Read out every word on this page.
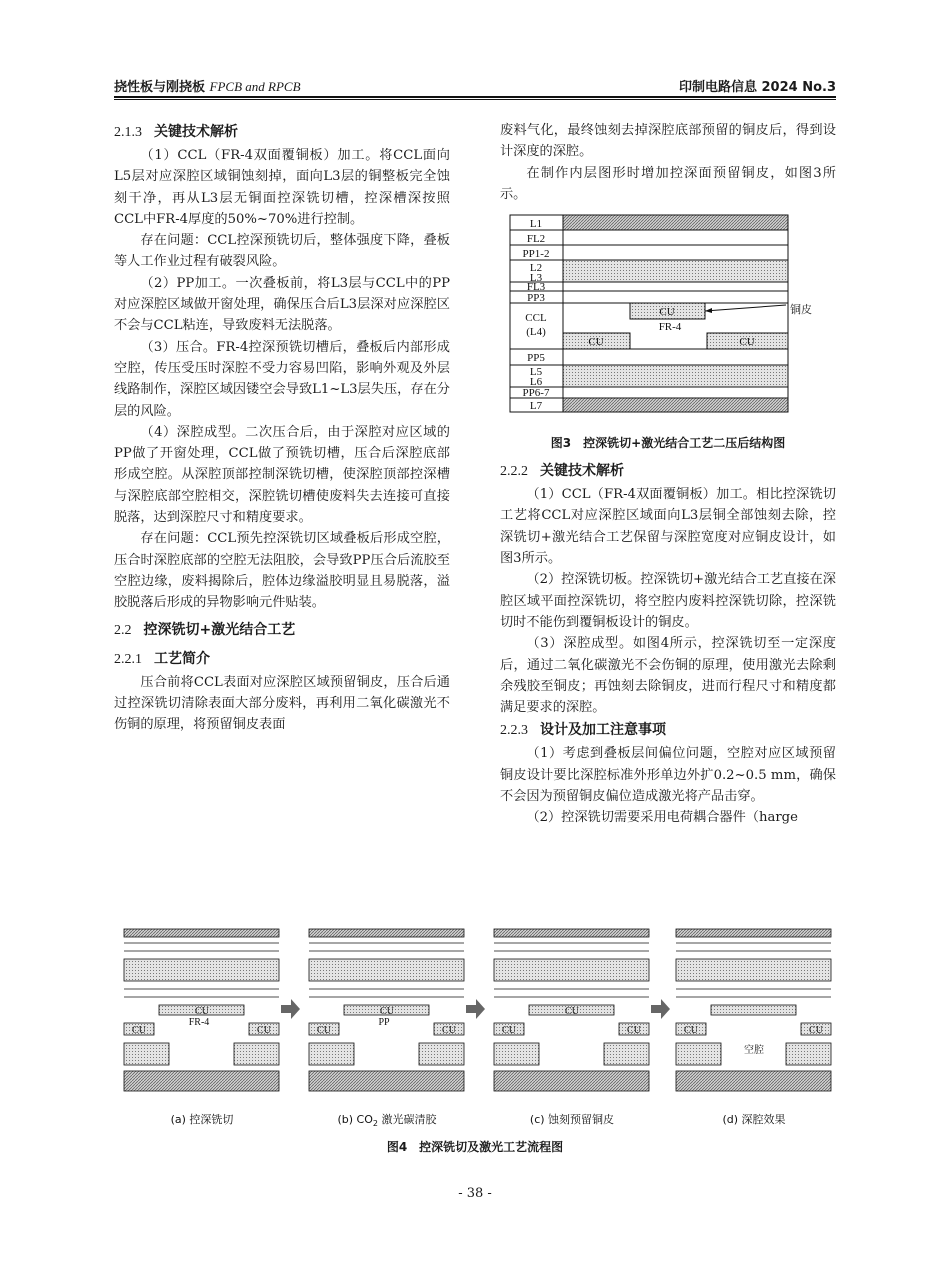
挠性板与刚挠板 FPCB and RPCB	印制电路信息 2024 No.3
2.1.3 关键技术解析

（1）CCL（FR-4双面覆铜板）加工。将CCL面向L5层对应深腔区域铜蚀刻掉，面向L3层的铜整板完全蚀刻干净，再从L3层无铜面控深铣切槽，控深槽深按照CCL中FR-4厚度的50%~70%进行控制。

存在问题：CCL控深预铣切后，整体强度下降，叠板等人工作业过程有破裂风险。

（2）PP加工。一次叠板前，将L3层与CCL中的PP对应深腔区域做开窗处理，确保压合后L3层深对应深腔区不会与CCL粘连，导致废料无法脱落。

（3）压合。FR-4控深预铣切槽后，叠板后内部形成空腔，传压受压时深腔不受力容易凹陷，影响外观及外层线路制作，深腔区域因镂空会导致L1~L3层失压，存在分层的风险。

（4）深腔成型。二次压合后，由于深腔对应区域的PP做了开窗处理，CCL做了预铣切槽，压合后深腔底部形成空腔。从深腔顶部控制深铣切槽，使深腔顶部控深槽与深腔底部空腔相交，深腔铣切槽使废料失去连接可直接脱落，达到深腔尺寸和精度要求。

存在问题：CCL预先控深铣切区域叠板后形成空腔，压合时深腔底部的空腔无法阻胶，会导致PP压合后流胶至空腔边缘，废料揭除后，腔体边缘溢胶明显且易脱落，溢胶脱落后形成的异物影响元件贴装。

2.2 控深铣切+激光结合工艺
2.2.1 工艺简介

压合前将CCL表面对应深腔区域预留铜皮，压合后通过控深铣切清除表面大部分废料，再利用二氧化碳激光不伤铜的原理，将预留铜皮表面

废料气化，最终蚀刻去掉深腔底部预留的铜皮后，得到设计深度的深腔。

在制作内层图形时增加控深面预留铜皮，如图3所示。

L1
FL2
PP1-2
L2
L3
FL3
PP3
CU
FR-4
CCL
(L4)
CU	CU
PP5
L5
L6
PP6-7
L7
铜皮
图3　控深铣切+激光结合工艺二压后结构图
2.2.2 关键技术解析

（1）CCL（FR-4双面覆铜板）加工。相比控深铣切工艺将CCL对应深腔区域面向L3层铜全部蚀刻去除，控深铣切+激光结合工艺保留与深腔宽度对应铜皮设计，如图3所示。

（2）控深铣切板。控深铣切+激光结合工艺直接在深腔区域平面控深铣切，将空腔内废料控深铣切除，控深铣切时不能伤到覆铜板设计的铜皮。

（3）深腔成型。如图4所示，控深铣切至一定深度后，通过二氧化碳激光不会伤铜的原理，使用激光去除剩余残胶至铜皮；再蚀刻去除铜皮，进而行程尺寸和精度都满足要求的深腔。

2.2.3 设计及加工注意事项

（1）考虑到叠板层间偏位问题，空腔对应区域预留铜皮设计要比深腔标准外形单边外扩0.2~0.5 mm，确保不会因为预留铜皮偏位造成激光将产品击穿。

（2）控深铣切需要采用电荷耦合器件（harge

CU
FR-4
CU	CU
CU
PP
CU	CU
CU
CU	CU	CU	CU
空腔
(a) 控深铣切	(b) $CO_2$ 激光碳清胶	(c) 蚀刻预留铜皮	(d) 深腔效果
图4　控深铣切及激光工艺流程图
- 38 -
